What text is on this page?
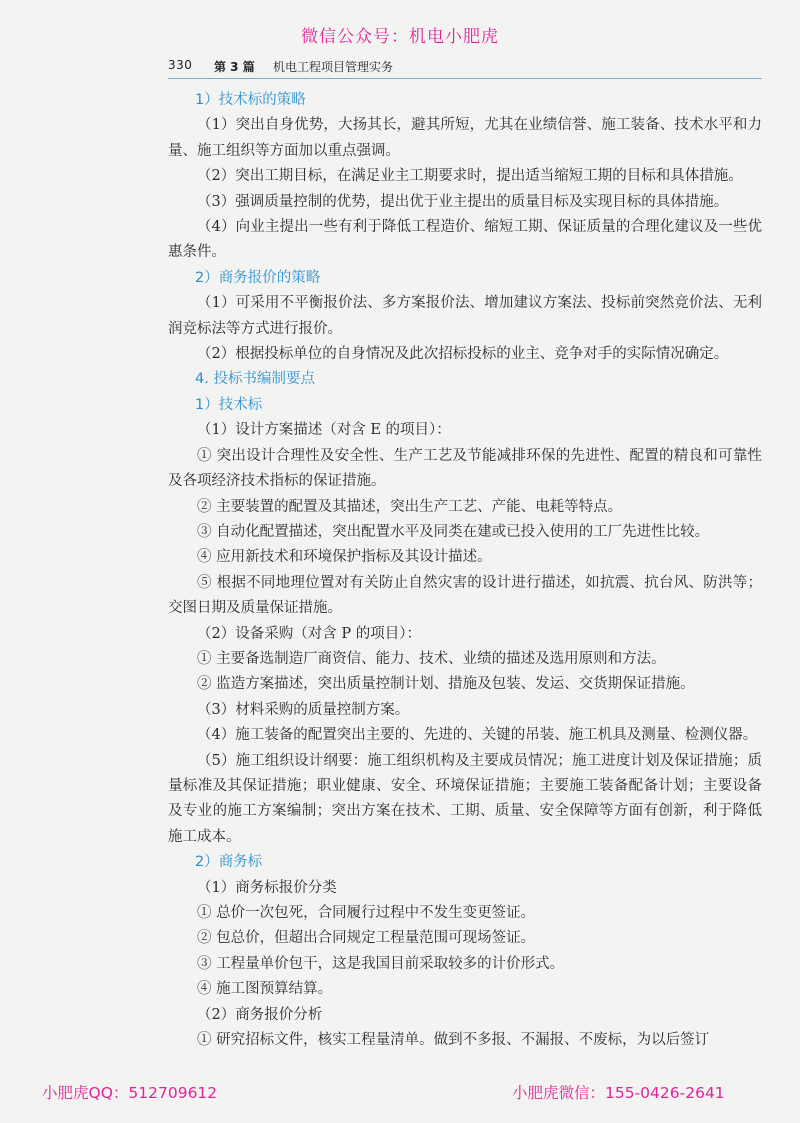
微信公众号：机电小肥虎
330 第 3 篇 机电工程项目管理实务

1）技术标的策略

（1）突出自身优势，大扬其长，避其所短，尤其在业绩信誉、施工装备、技术水平和力量、施工组织等方面加以重点强调。

（2）突出工期目标，在满足业主工期要求时，提出适当缩短工期的目标和具体措施。

（3）强调质量控制的优势，提出优于业主提出的质量目标及实现目标的具体措施。

（4）向业主提出一些有利于降低工程造价、缩短工期、保证质量的合理化建议及一些优惠条件。

2）商务报价的策略

（1）可采用不平衡报价法、多方案报价法、增加建议方案法、投标前突然竞价法、无利润竞标法等方式进行报价。

（2）根据投标单位的自身情况及此次招标投标的业主、竞争对手的实际情况确定。

4. 投标书编制要点

1）技术标

（1）设计方案描述（对含 E 的项目）：

① 突出设计合理性及安全性、生产工艺及节能减排环保的先进性、配置的精良和可靠性及各项经济技术指标的保证措施。

② 主要装置的配置及其描述，突出生产工艺、产能、电耗等特点。

③ 自动化配置描述，突出配置水平及同类在建或已投入使用的工厂先进性比较。

④ 应用新技术和环境保护指标及其设计描述。

⑤ 根据不同地理位置对有关防止自然灾害的设计进行描述，如抗震、抗台风、防洪等；交图日期及质量保证措施。

（2）设备采购（对含 P 的项目）：

① 主要备选制造厂商资信、能力、技术、业绩的描述及选用原则和方法。

② 监造方案描述，突出质量控制计划、措施及包装、发运、交货期保证措施。

（3）材料采购的质量控制方案。

（4）施工装备的配置突出主要的、先进的、关键的吊装、施工机具及测量、检测仪器。

（5）施工组织设计纲要：施工组织机构及主要成员情况；施工进度计划及保证措施；质量标准及其保证措施；职业健康、安全、环境保证措施；主要施工装备配备计划；主要设备及专业的施工方案编制；突出方案在技术、工期、质量、安全保障等方面有创新，利于降低施工成本。

2）商务标

（1）商务标报价分类

① 总价一次包死，合同履行过程中不发生变更签证。

② 包总价，但超出合同规定工程量范围可现场签证。

③ 工程量单价包干，这是我国目前采取较多的计价形式。

④ 施工图预算结算。

（2）商务报价分析

① 研究招标文件，核实工程量清单。做到不多报、不漏报、不废标，为以后签订

小肥虎QQ：512709612	小肥虎微信：155-0426-2641
